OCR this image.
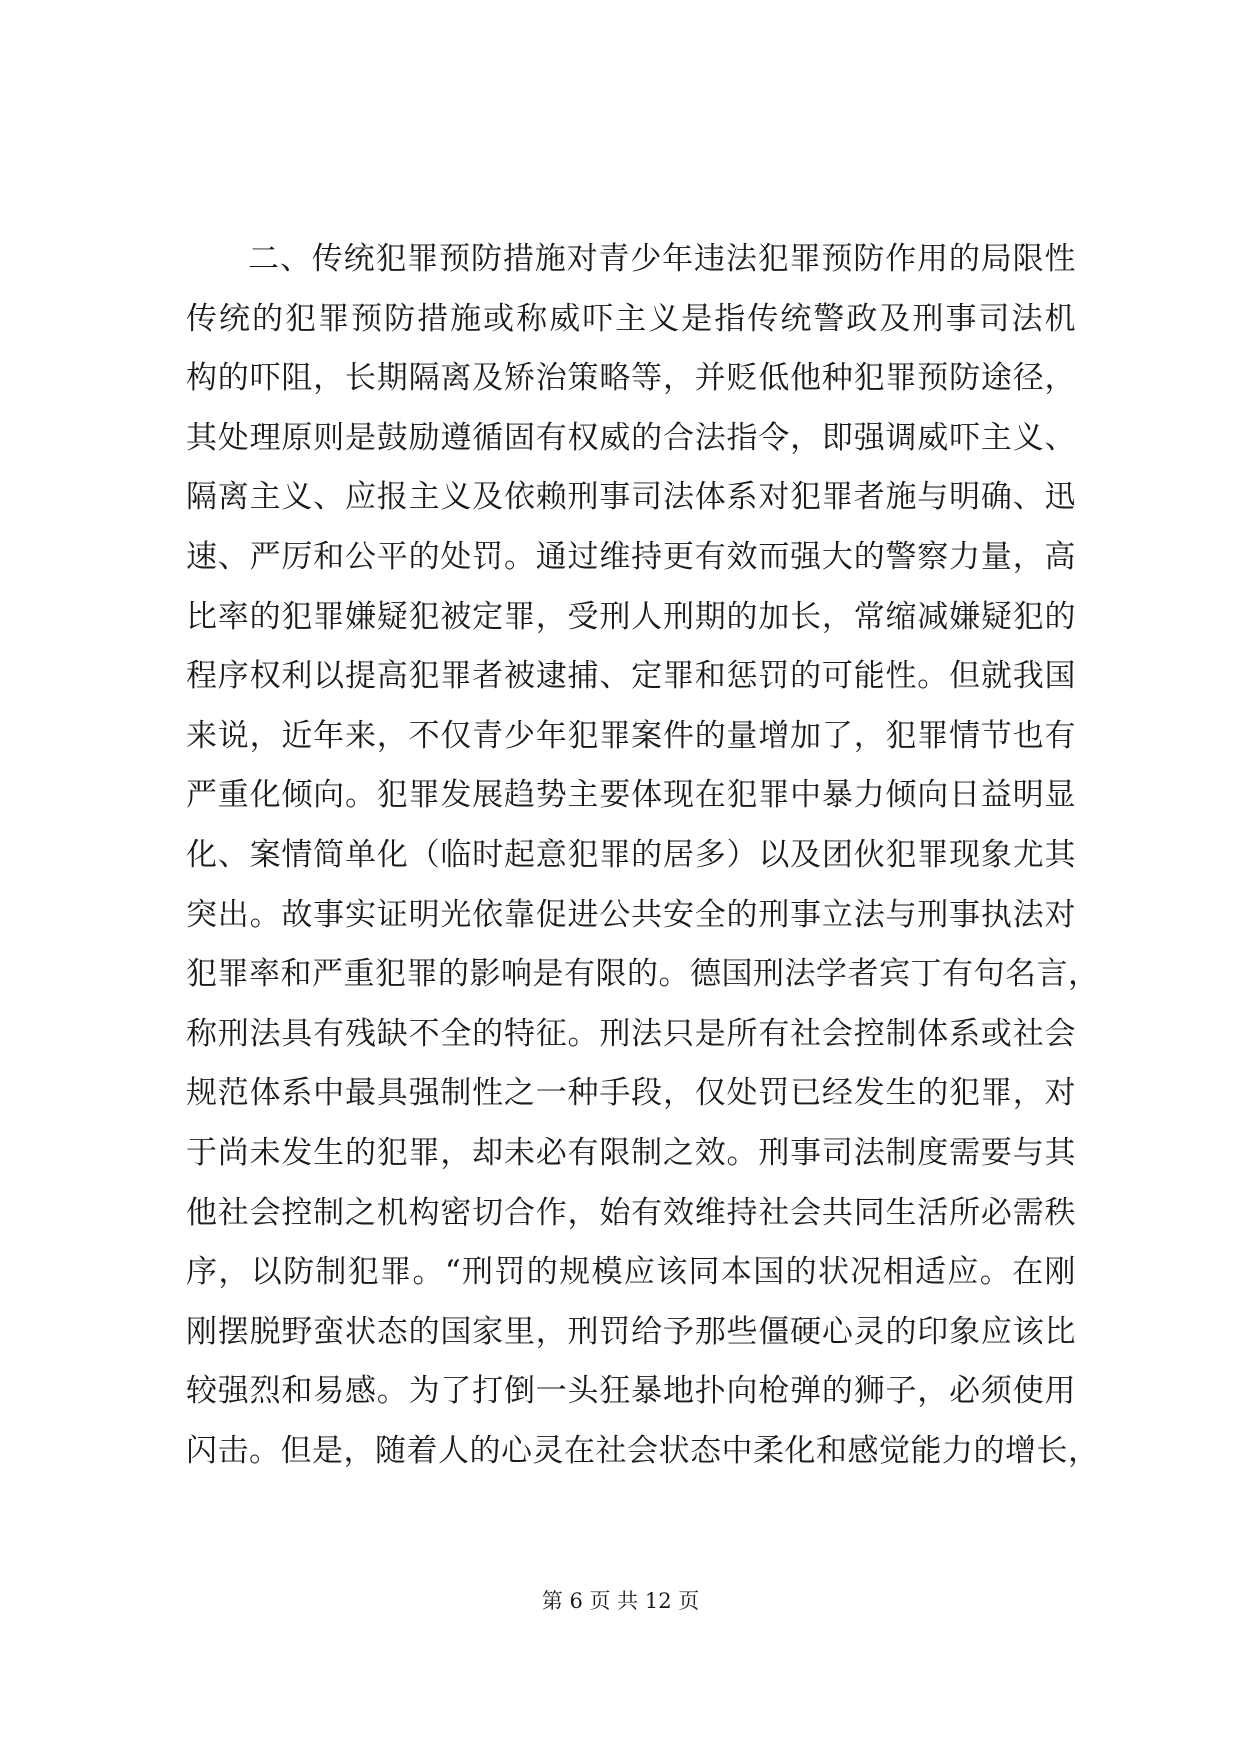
二、传统犯罪预防措施对青少年违法犯罪预防作用的局限性
传统的犯罪预防措施或称威吓主义是指传统警政及刑事司法机
构的吓阻，长期隔离及矫治策略等，并贬低他种犯罪预防途径，
其处理原则是鼓励遵循固有权威的合法指令，即强调威吓主义、
隔离主义、应报主义及依赖刑事司法体系对犯罪者施与明确、迅
速、严厉和公平的处罚。通过维持更有效而强大的警察力量，高
比率的犯罪嫌疑犯被定罪，受刑人刑期的加长，常缩减嫌疑犯的
程序权利以提高犯罪者被逮捕、定罪和惩罚的可能性。但就我国
来说，近年来，不仅青少年犯罪案件的量增加了，犯罪情节也有
严重化倾向。犯罪发展趋势主要体现在犯罪中暴力倾向日益明显
化、案情简单化（临时起意犯罪的居多）以及团伙犯罪现象尤其
突出。故事实证明光依靠促进公共安全的刑事立法与刑事执法对
犯罪率和严重犯罪的影响是有限的。德国刑法学者宾丁有句名言，
称刑法具有残缺不全的特征。刑法只是所有社会控制体系或社会
规范体系中最具强制性之一种手段，仅处罚已经发生的犯罪，对
于尚未发生的犯罪，却未必有限制之效。刑事司法制度需要与其
他社会控制之机构密切合作，始有效维持社会共同生活所必需秩
序，以防制犯罪。“刑罚的规模应该同本国的状况相适应。在刚
刚摆脱野蛮状态的国家里，刑罚给予那些僵硬心灵的印象应该比
较强烈和易感。为了打倒一头狂暴地扑向枪弹的狮子，必须使用
闪击。但是，随着人的心灵在社会状态中柔化和感觉能力的增长，
第 6 页 共 12 页
